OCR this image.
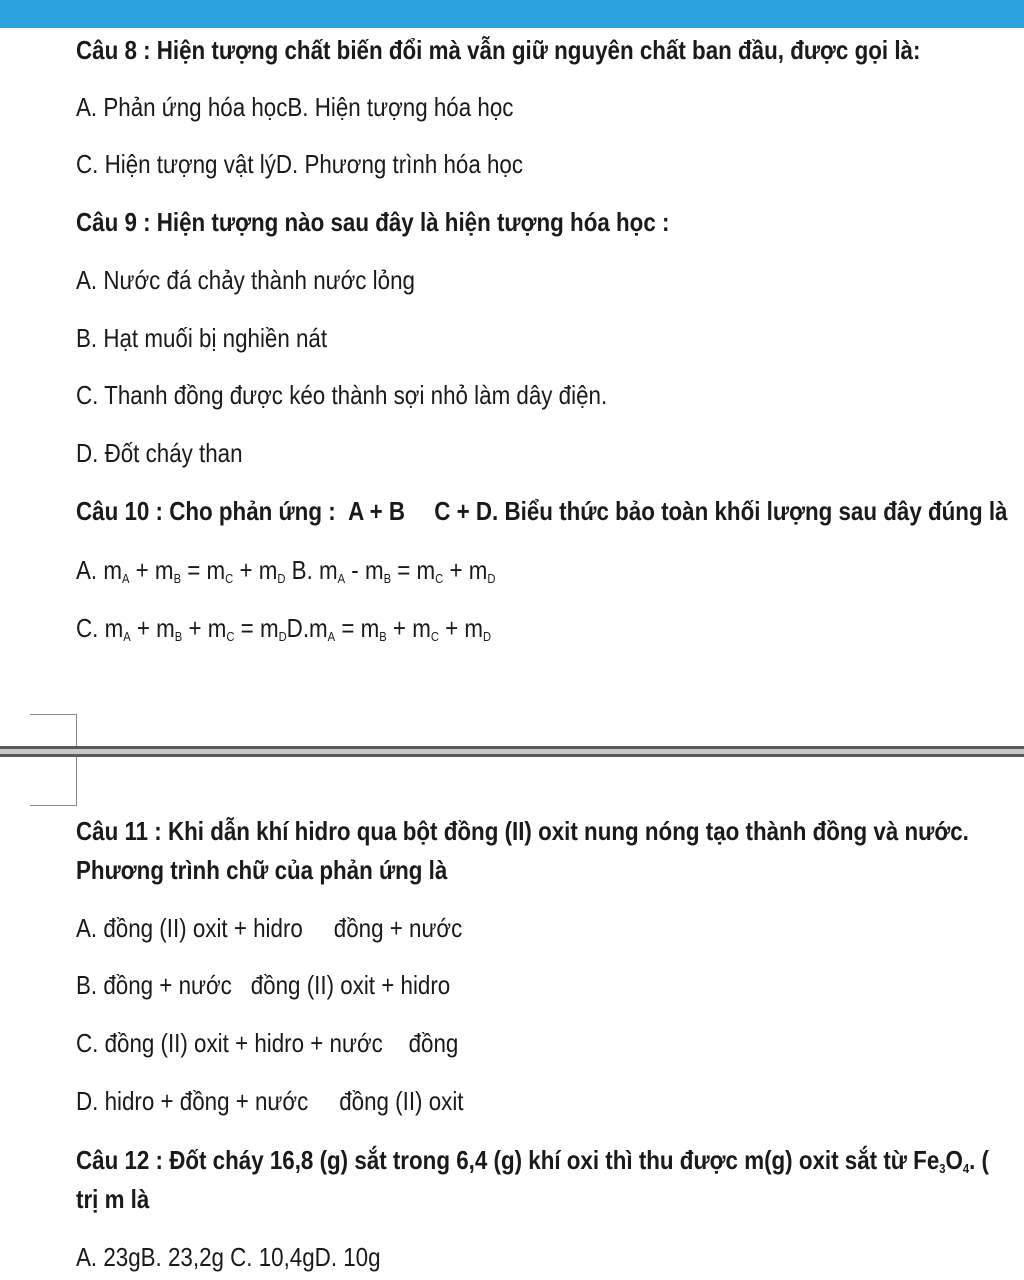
Câu 8 : Hiện tượng chất biến đổi mà vẫn giữ nguyên chất ban đầu, được gọi là:
A. Phản ứng hóa họcB. Hiện tượng hóa học
C. Hiện tượng vật lýD. Phương trình hóa học
Câu 9 : Hiện tượng nào sau đây là hiện tượng hóa học :
A. Nước đá chảy thành nước lỏng
B. Hạt muối bị nghiền nát
C. Thanh đồng được kéo thành sợi nhỏ làm dây điện.
D. Đốt cháy than
Câu 10 : Cho phản ứng : A + B C + D. Biểu thức bảo toàn khối lượng sau đây đúng là
A. $m_A + m_B = m_C + m_D$ B. $m_A - m_B = m_C + m_D$
C. $m_A + m_B + m_C = m_DD.m_A = m_B + m_C + m_D$
Câu 11 : Khi dẫn khí hidro qua bột đồng (II) oxit nung nóng tạo thành đồng và nước.
Phương trình chữ của phản ứng là
A. đồng (II) oxit + hidro đồng + nước
B. đồng + nước đồng (II) oxit + hidro
C. đồng (II) oxit + hidro + nước đồng
D. hidro + đồng + nước đồng (II) oxit
Câu 12 : Đốt cháy 16,8 (g) sắt trong 6,4 (g) khí oxi thì thu được m(g) oxit sắt từ $Fe_3O_4$. (
trị m là
A. 23gB. 23,2g C. 10,4gD. 10g
